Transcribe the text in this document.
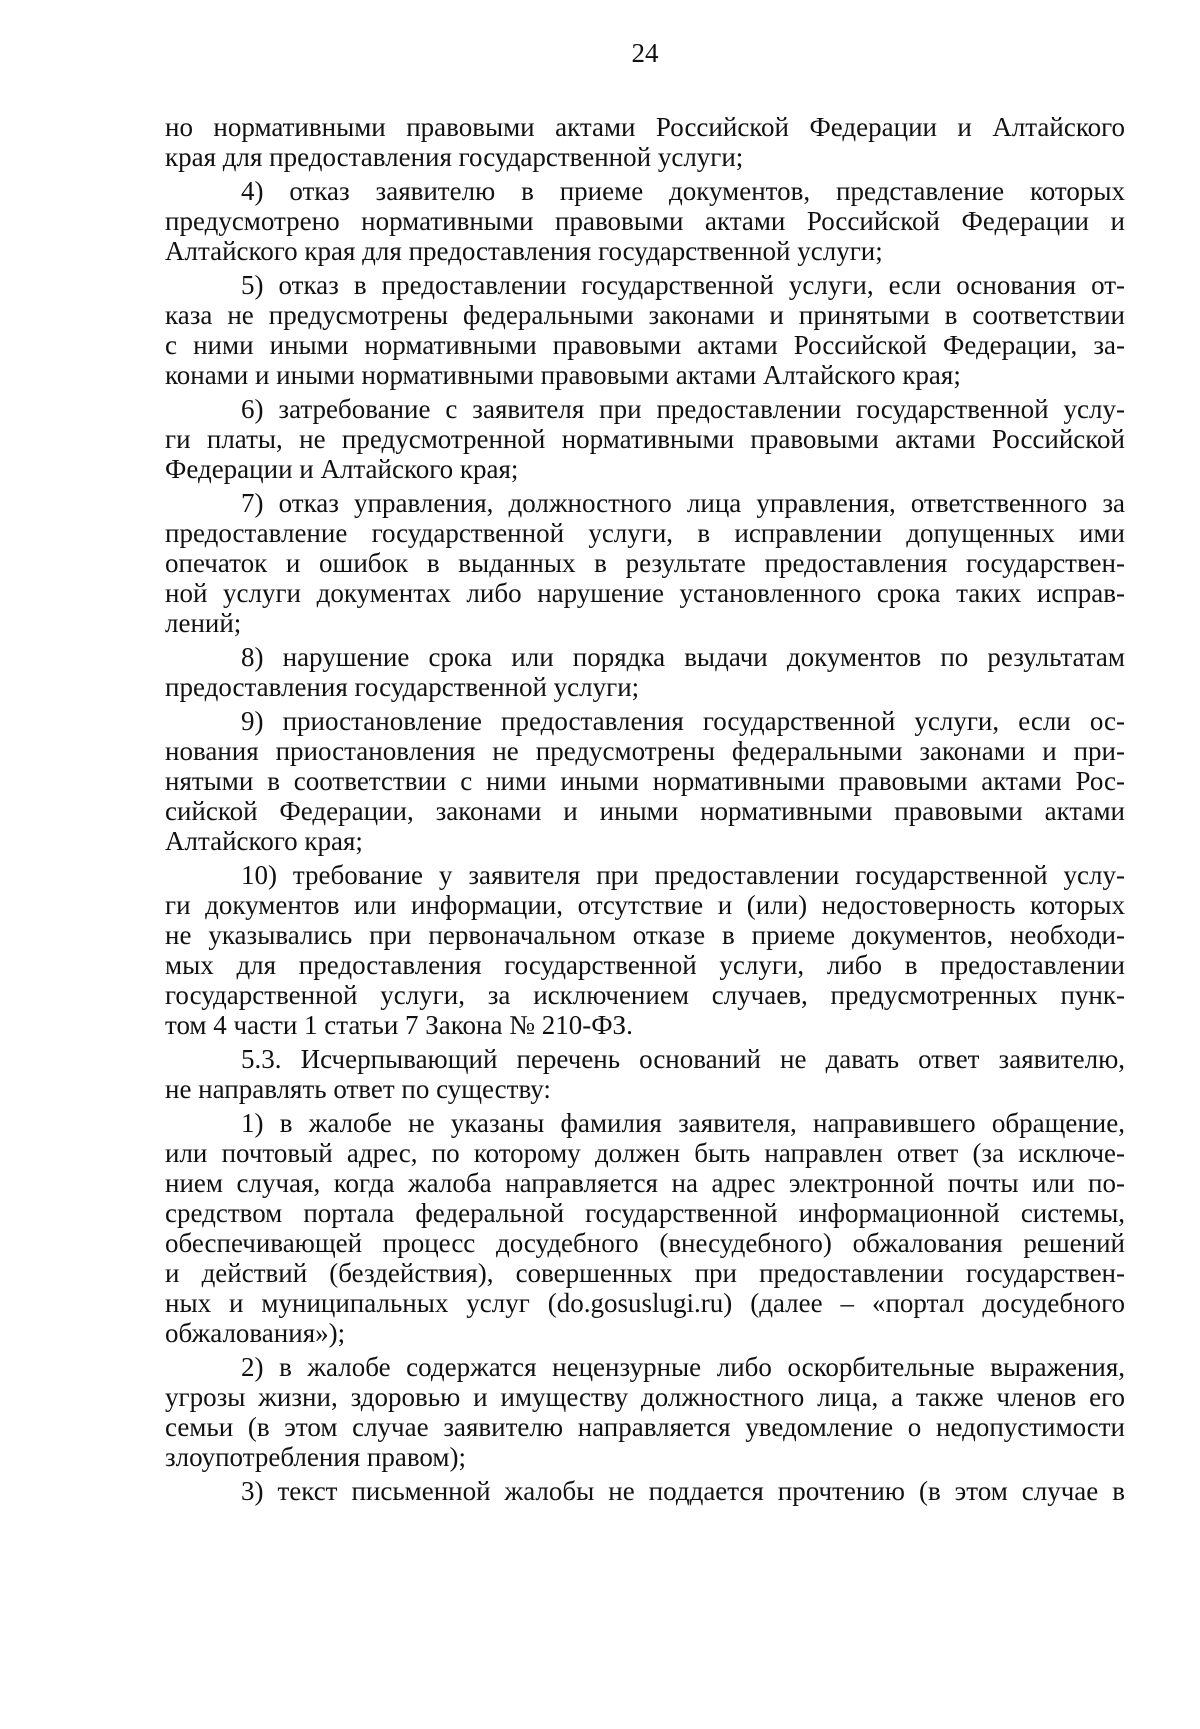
24
но нормативными правовыми актами Российской Федерации и Алтайского
края для предоставления государственной услуги;
4) отказ заявителю в приеме документов, представление которых
предусмотрено нормативными правовыми актами Российской Федерации и
Алтайского края для предоставления государственной услуги;
5) отказ в предоставлении государственной услуги, если основания от-
каза не предусмотрены федеральными законами и принятыми в соответствии
с ними иными нормативными правовыми актами Российской Федерации, за-
конами и иными нормативными правовыми актами Алтайского края;
6) затребование с заявителя при предоставлении государственной услу-
ги платы, не предусмотренной нормативными правовыми актами Российской
Федерации и Алтайского края;
7) отказ управления, должностного лица управления, ответственного за
предоставление государственной услуги, в исправлении допущенных ими
опечаток и ошибок в выданных в результате предоставления государствен-
ной услуги документах либо нарушение установленного срока таких исправ-
лений;
8) нарушение срока или порядка выдачи документов по результатам
предоставления государственной услуги;
9) приостановление предоставления государственной услуги, если ос-
нования приостановления не предусмотрены федеральными законами и при-
нятыми в соответствии с ними иными нормативными правовыми актами Рос-
сийской Федерации, законами и иными нормативными правовыми актами
Алтайского края;
10) требование у заявителя при предоставлении государственной услу-
ги документов или информации, отсутствие и (или) недостоверность которых
не указывались при первоначальном отказе в приеме документов, необходи-
мых для предоставления государственной услуги, либо в предоставлении
государственной услуги, за исключением случаев, предусмотренных пунк-
том 4 части 1 статьи 7 Закона № 210-ФЗ.
5.3. Исчерпывающий перечень оснований не давать ответ заявителю,
не направлять ответ по существу:
1) в жалобе не указаны фамилия заявителя, направившего обращение,
или почтовый адрес, по которому должен быть направлен ответ (за исключе-
нием случая, когда жалоба направляется на адрес электронной почты или по-
средством портала федеральной государственной информационной системы,
обеспечивающей процесс досудебного (внесудебного) обжалования решений
и действий (бездействия), совершенных при предоставлении государствен-
ных и муниципальных услуг (do.gosuslugi.ru) (далее – «портал досудебного
обжалования»);
2) в жалобе содержатся нецензурные либо оскорбительные выражения,
угрозы жизни, здоровью и имуществу должностного лица, а также членов его
семьи (в этом случае заявителю направляется уведомление о недопустимости
злоупотребления правом);
3) текст письменной жалобы не поддается прочтению (в этом случае в
